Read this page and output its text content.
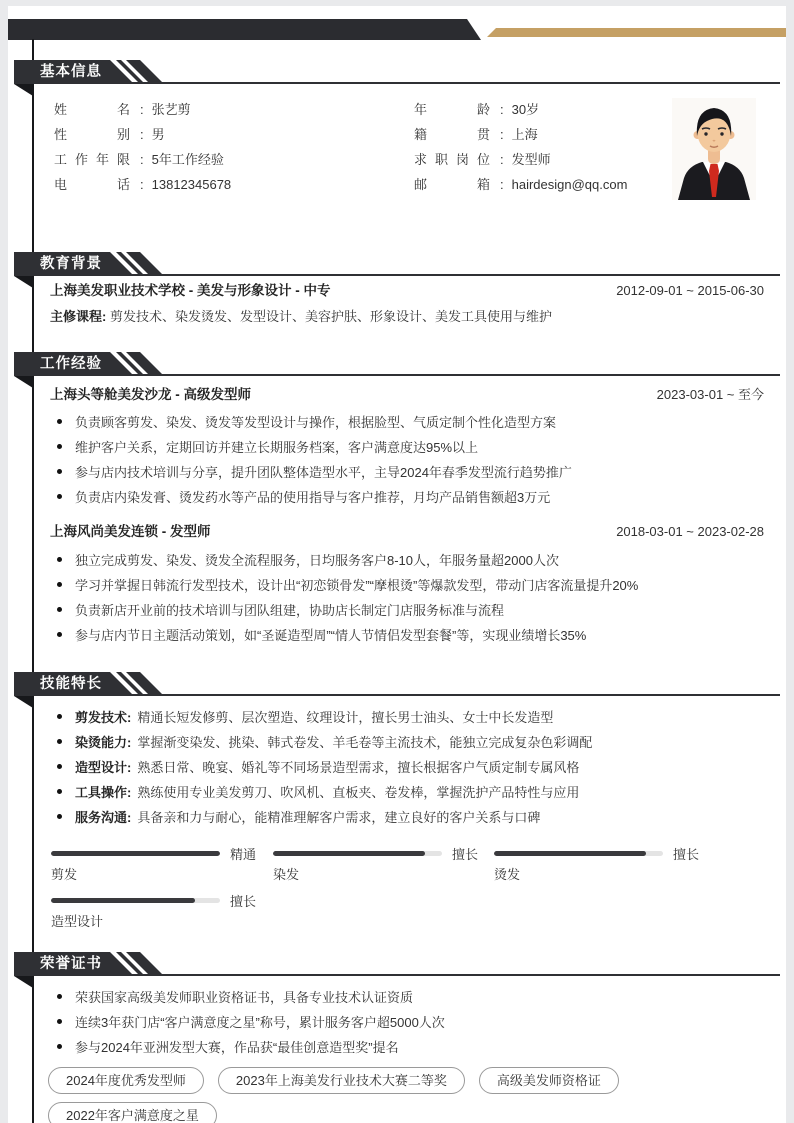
基本信息
姓名 : 张艺剪
性别 : 男
工作年限 : 5年工作经验
电话 : 13812345678
年龄 : 30岁
籍贯 : 上海
求职岗位 : 发型师
邮箱 : hairdesign@qq.com
教育背景
上海美发职业技术学校 - 美发与形象设计 - 中专	2012-09-01 ~ 2015-06-30
主修课程: 剪发技术、染发烫发、发型设计、美容护肤、形象设计、美发工具使用与维护
工作经验
上海头等舱美发沙龙 - 高级发型师	2023-03-01 ~ 至今
负责顾客剪发、染发、烫发等发型设计与操作，根据脸型、气质定制个性化造型方案
维护客户关系，定期回访并建立长期服务档案，客户满意度达95%以上
参与店内技术培训与分享，提升团队整体造型水平，主导2024年春季发型流行趋势推广
负责店内染发膏、烫发药水等产品的使用指导与客户推荐，月均产品销售额超3万元
上海风尚美发连锁 - 发型师	2018-03-01 ~ 2023-02-28
独立完成剪发、染发、烫发全流程服务，日均服务客户8-10人，年服务量超2000人次
学习并掌握日韩流行发型技术，设计出“初恋锁骨发”“摩根烫”等爆款发型，带动门店客流量提升20%
负责新店开业前的技术培训与团队组建，协助店长制定门店服务标准与流程
参与店内节日主题活动策划，如“圣诞造型周”“情人节情侣发型套餐”等，实现业绩增长35%
技能特长
剪发技术: 精通长短发修剪、层次塑造、纹理设计，擅长男士油头、女士中长发造型
染烫能力: 掌握渐变染发、挑染、韩式卷发、羊毛卷等主流技术，能独立完成复杂色彩调配
造型设计: 熟悉日常、晚宴、婚礼等不同场景造型需求，擅长根据客户气质定制专属风格
工具操作: 熟练使用专业美发剪刀、吹风机、直板夹、卷发棒，掌握洗护产品特性与应用
服务沟通: 具备亲和力与耐心，能精准理解客户需求，建立良好的客户关系与口碑
精通
剪发
擅长
染发
擅长
烫发
擅长
造型设计
荣誉证书
荣获国家高级美发师职业资格证书，具备专业技术认证资质
连续3年获门店“客户满意度之星”称号，累计服务客户超5000人次
参与2024年亚洲发型大赛，作品获“最佳创意造型奖”提名
2024年度优秀发型师	2023年上海美发行业技术大赛二等奖	高级美发师资格证
2022年客户满意度之星
